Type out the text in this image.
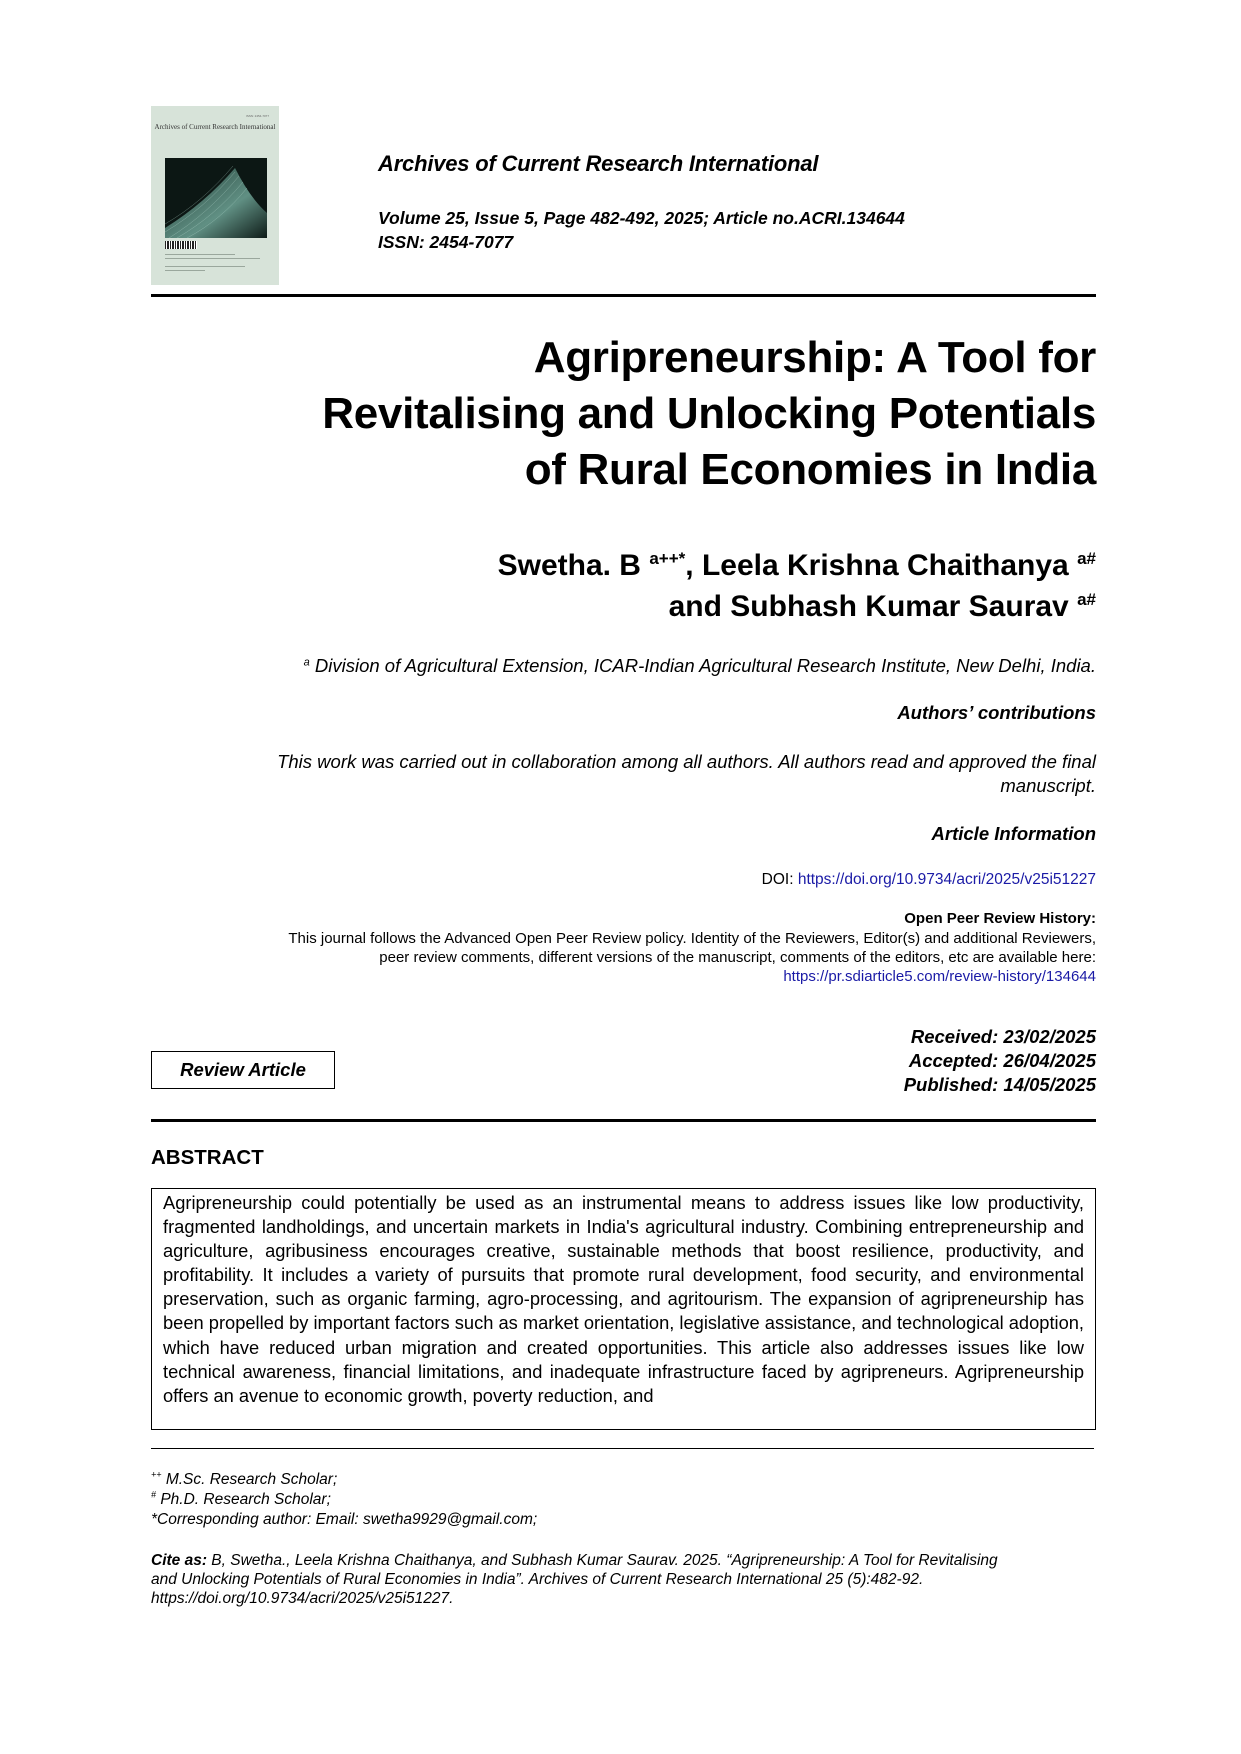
ISSN: 2454-7077
Archives of Current Research International
Archives of Current Research International
Volume 25, Issue 5, Page 482-492, 2025; Article no.ACRI.134644
ISSN: 2454-7077
Agripreneurship: A Tool for
Revitalising and Unlocking Potentials
of Rural Economies in India
Swetha. B $^{a++*}$, Leela Krishna Chaithanya $^{a\#}$
and Subhash Kumar Saurav $^{a\#}$
$^a$ Division of Agricultural Extension, ICAR-Indian Agricultural Research Institute, New Delhi, India.
Authors’ contributions
This work was carried out in collaboration among all authors. All authors read and approved the final
manuscript.
Article Information
DOI: https://doi.org/10.9734/acri/2025/v25i51227
Open Peer Review History:
This journal follows the Advanced Open Peer Review policy. Identity of the Reviewers, Editor(s) and additional Reviewers,
peer review comments, different versions of the manuscript, comments of the editors, etc are available here:
https://pr.sdiarticle5.com/review-history/134644
Review Article
Received: 23/02/2025
Accepted: 26/04/2025
Published: 14/05/2025
ABSTRACT

Agripreneurship could potentially be used as an instrumental means to address issues like low productivity, fragmented landholdings, and uncertain markets in India's agricultural industry. Combining entrepreneurship and agriculture, agribusiness encourages creative, sustainable methods that boost resilience, productivity, and profitability. It includes a variety of pursuits that promote rural development, food security, and environmental preservation, such as organic farming, agro-processing, and agritourism. The expansion of agripreneurship has been propelled by important factors such as market orientation, legislative assistance, and technological adoption, which have reduced urban migration and created opportunities. This article also addresses issues like low technical awareness, financial limitations, and inadequate infrastructure faced by agripreneurs. Agripreneurship offers an avenue to economic growth, poverty reduction, and

++ M.Sc. Research Scholar;
# Ph.D. Research Scholar;
*Corresponding author: Email: swetha9929@gmail.com;
Cite as: B, Swetha., Leela Krishna Chaithanya, and Subhash Kumar Saurav. 2025. “Agripreneurship: A Tool for Revitalising
and Unlocking Potentials of Rural Economies in India”. Archives of Current Research International 25 (5):482-92.
https://doi.org/10.9734/acri/2025/v25i51227.
